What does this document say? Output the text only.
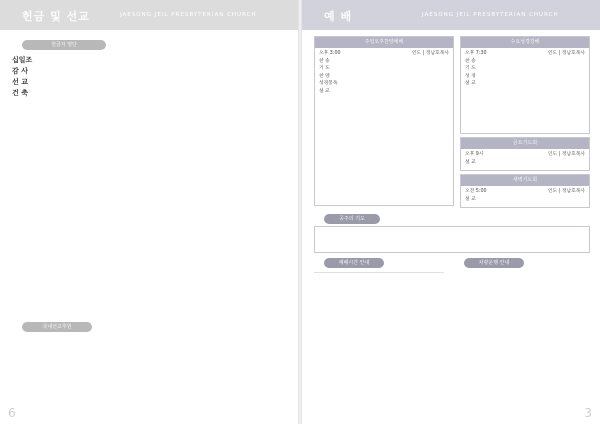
헌금 및 선교	JAESONG JEIL PRESBYTERIAN CHURCH
헌금자 명단
십일조
감 사
선 교
건 축
국내선교후원
6
예 배	JAESONG JEIL PRESBYTERIAN CHURCH
주일오후찬양예배
오후 3:00	인도 | 정남호목사
찬 송
기 도
찬 양
성경봉독
설 교
수요성경강해
오후 7:30	인도 | 정남호목사
찬 송
기 도
성 경
설 교
금요기도회
오후 9시	인도 | 정남호목사
설 교
새벽기도회
오전 5:00	인도 | 정남호목사
설 교
공주의 기도
예배시간 안내
			차량운행 안내
3
